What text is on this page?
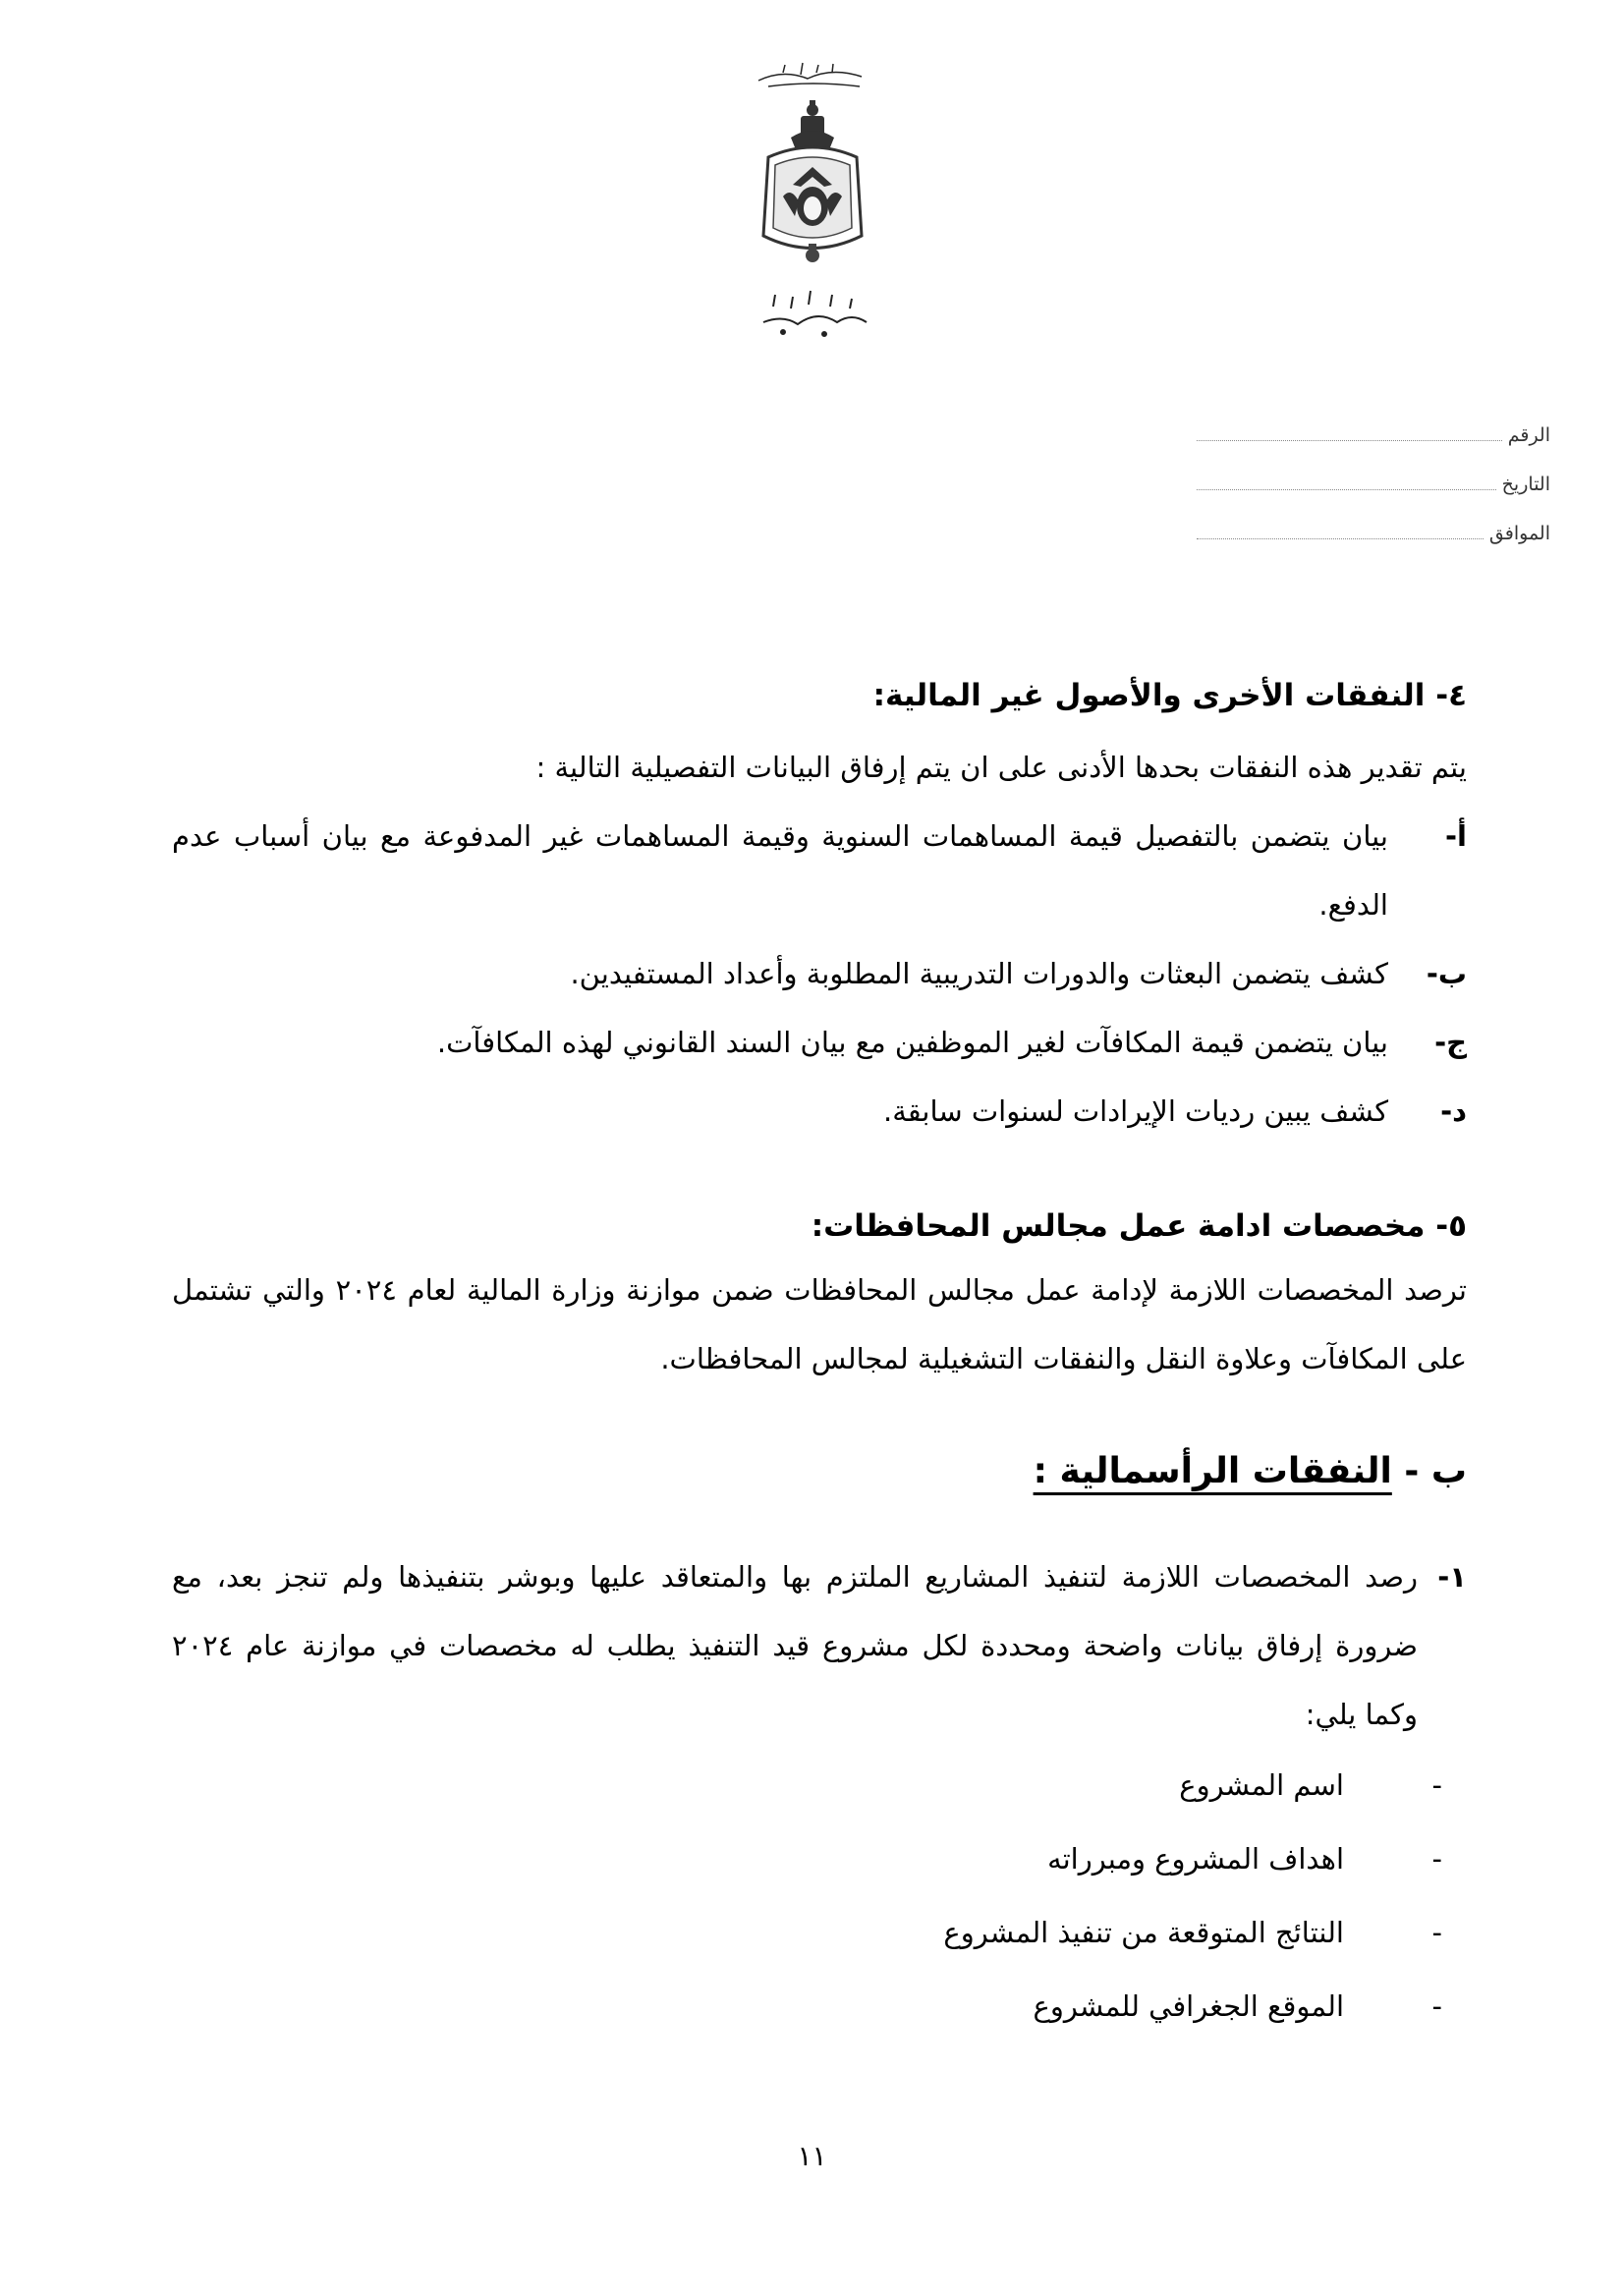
الرقم
التاريخ
الموافق
٤- النفقات الأخرى والأصول غير المالية:

يتم تقدير هذه النفقات بحدها الأدنى على ان يتم إرفاق البيانات التفصيلية التالية :

أ-
بيان يتضمن بالتفصيل قيمة المساهمات السنوية وقيمة المساهمات غير المدفوعة مع بيان أسباب عدم الدفع.
ب-
كشف يتضمن البعثات والدورات التدريبية المطلوبة وأعداد المستفيدين.
ج-
بيان يتضمن قيمة المكافآت لغير الموظفين مع بيان السند القانوني لهذه المكافآت.
د-
كشف يبين رديات الإيرادات لسنوات سابقة.
٥- مخصصات ادامة عمل مجالس المحافظات:

ترصد المخصصات اللازمة لإدامة عمل مجالس المحافظات ضمن موازنة وزارة المالية لعام ٢٠٢٤ والتي تشتمل على المكافآت وعلاوة النقل والنفقات التشغيلية لمجالس المحافظات.

ب - النفقات الرأسمالية :
١-
رصد المخصصات اللازمة لتنفيذ المشاريع الملتزم بها والمتعاقد عليها وبوشر بتنفيذها ولم تنجز بعد، مع ضرورة إرفاق بيانات واضحة ومحددة لكل مشروع قيد التنفيذ يطلب له مخصصات في موازنة عام ٢٠٢٤ وكما يلي:
-
اسم المشروع
-
اهداف المشروع ومبرراته
-
النتائج المتوقعة من تنفيذ المشروع
-
الموقع الجغرافي للمشروع
١١
